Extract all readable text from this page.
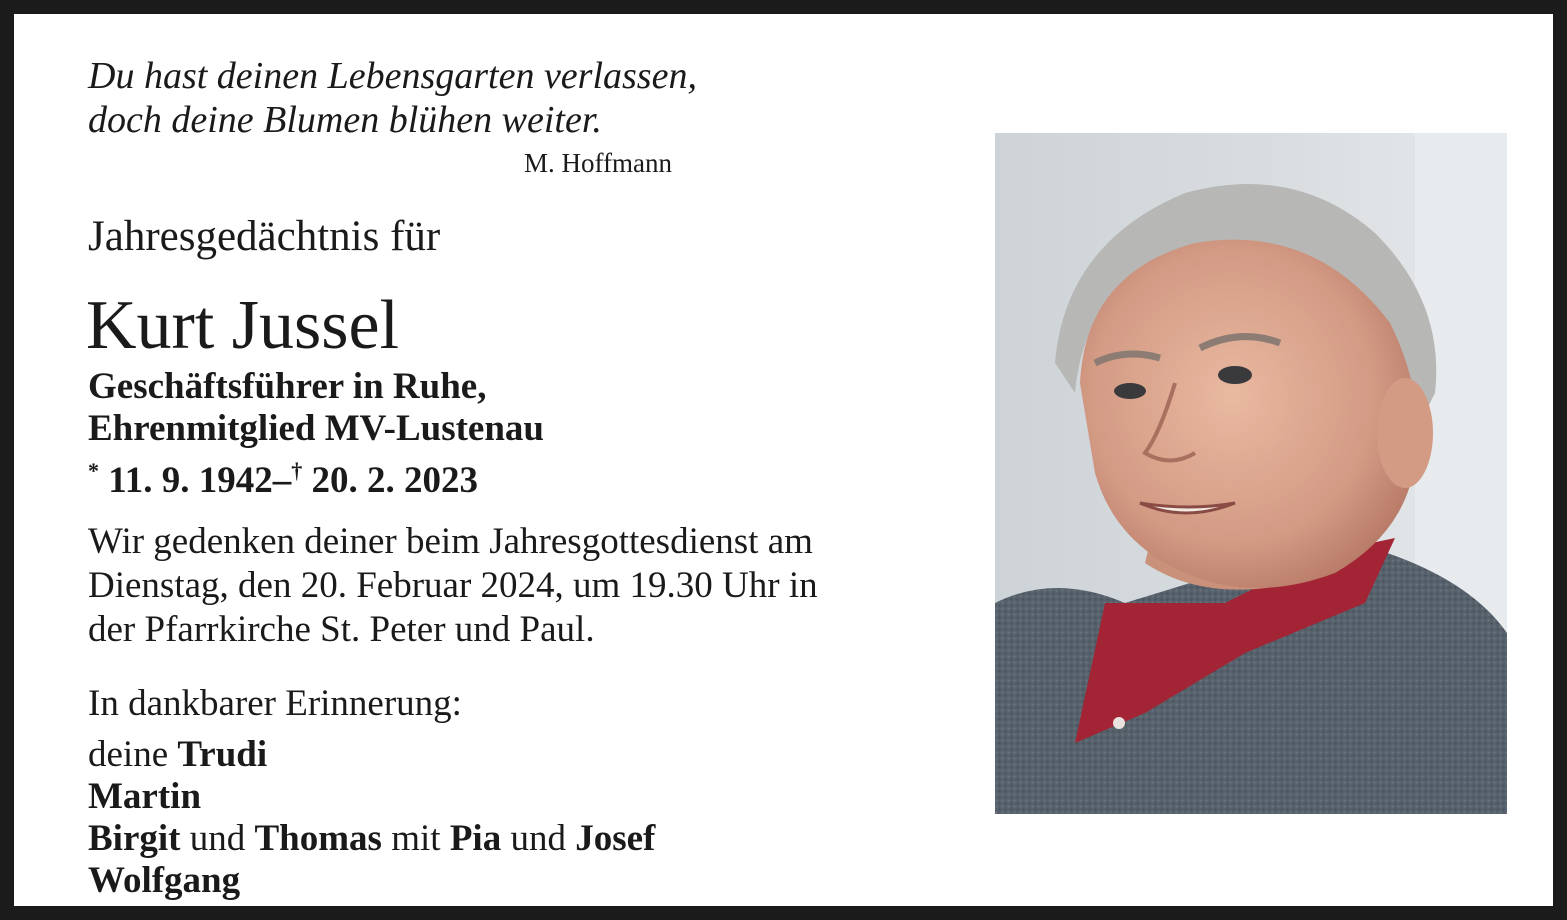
Du hast deinen Lebensgarten verlassen,
doch deine Blumen blühen weiter.
M. Hoffmann
Jahresgedächtnis für
Kurt Jussel
Geschäftsführer in Ruhe,
Ehrenmitglied MV-Lustenau
* 11. 9. 1942–† 20. 2. 2023
Wir gedenken deiner beim Jahresgottesdienst am
Dienstag, den 20. Februar 2024, um 19.30 Uhr in
der Pfarrkirche St. Peter und Paul.
In dankbarer Erinnerung:
deine Trudi
Martin
Birgit und Thomas mit Pia und Josef
Wolfgang
